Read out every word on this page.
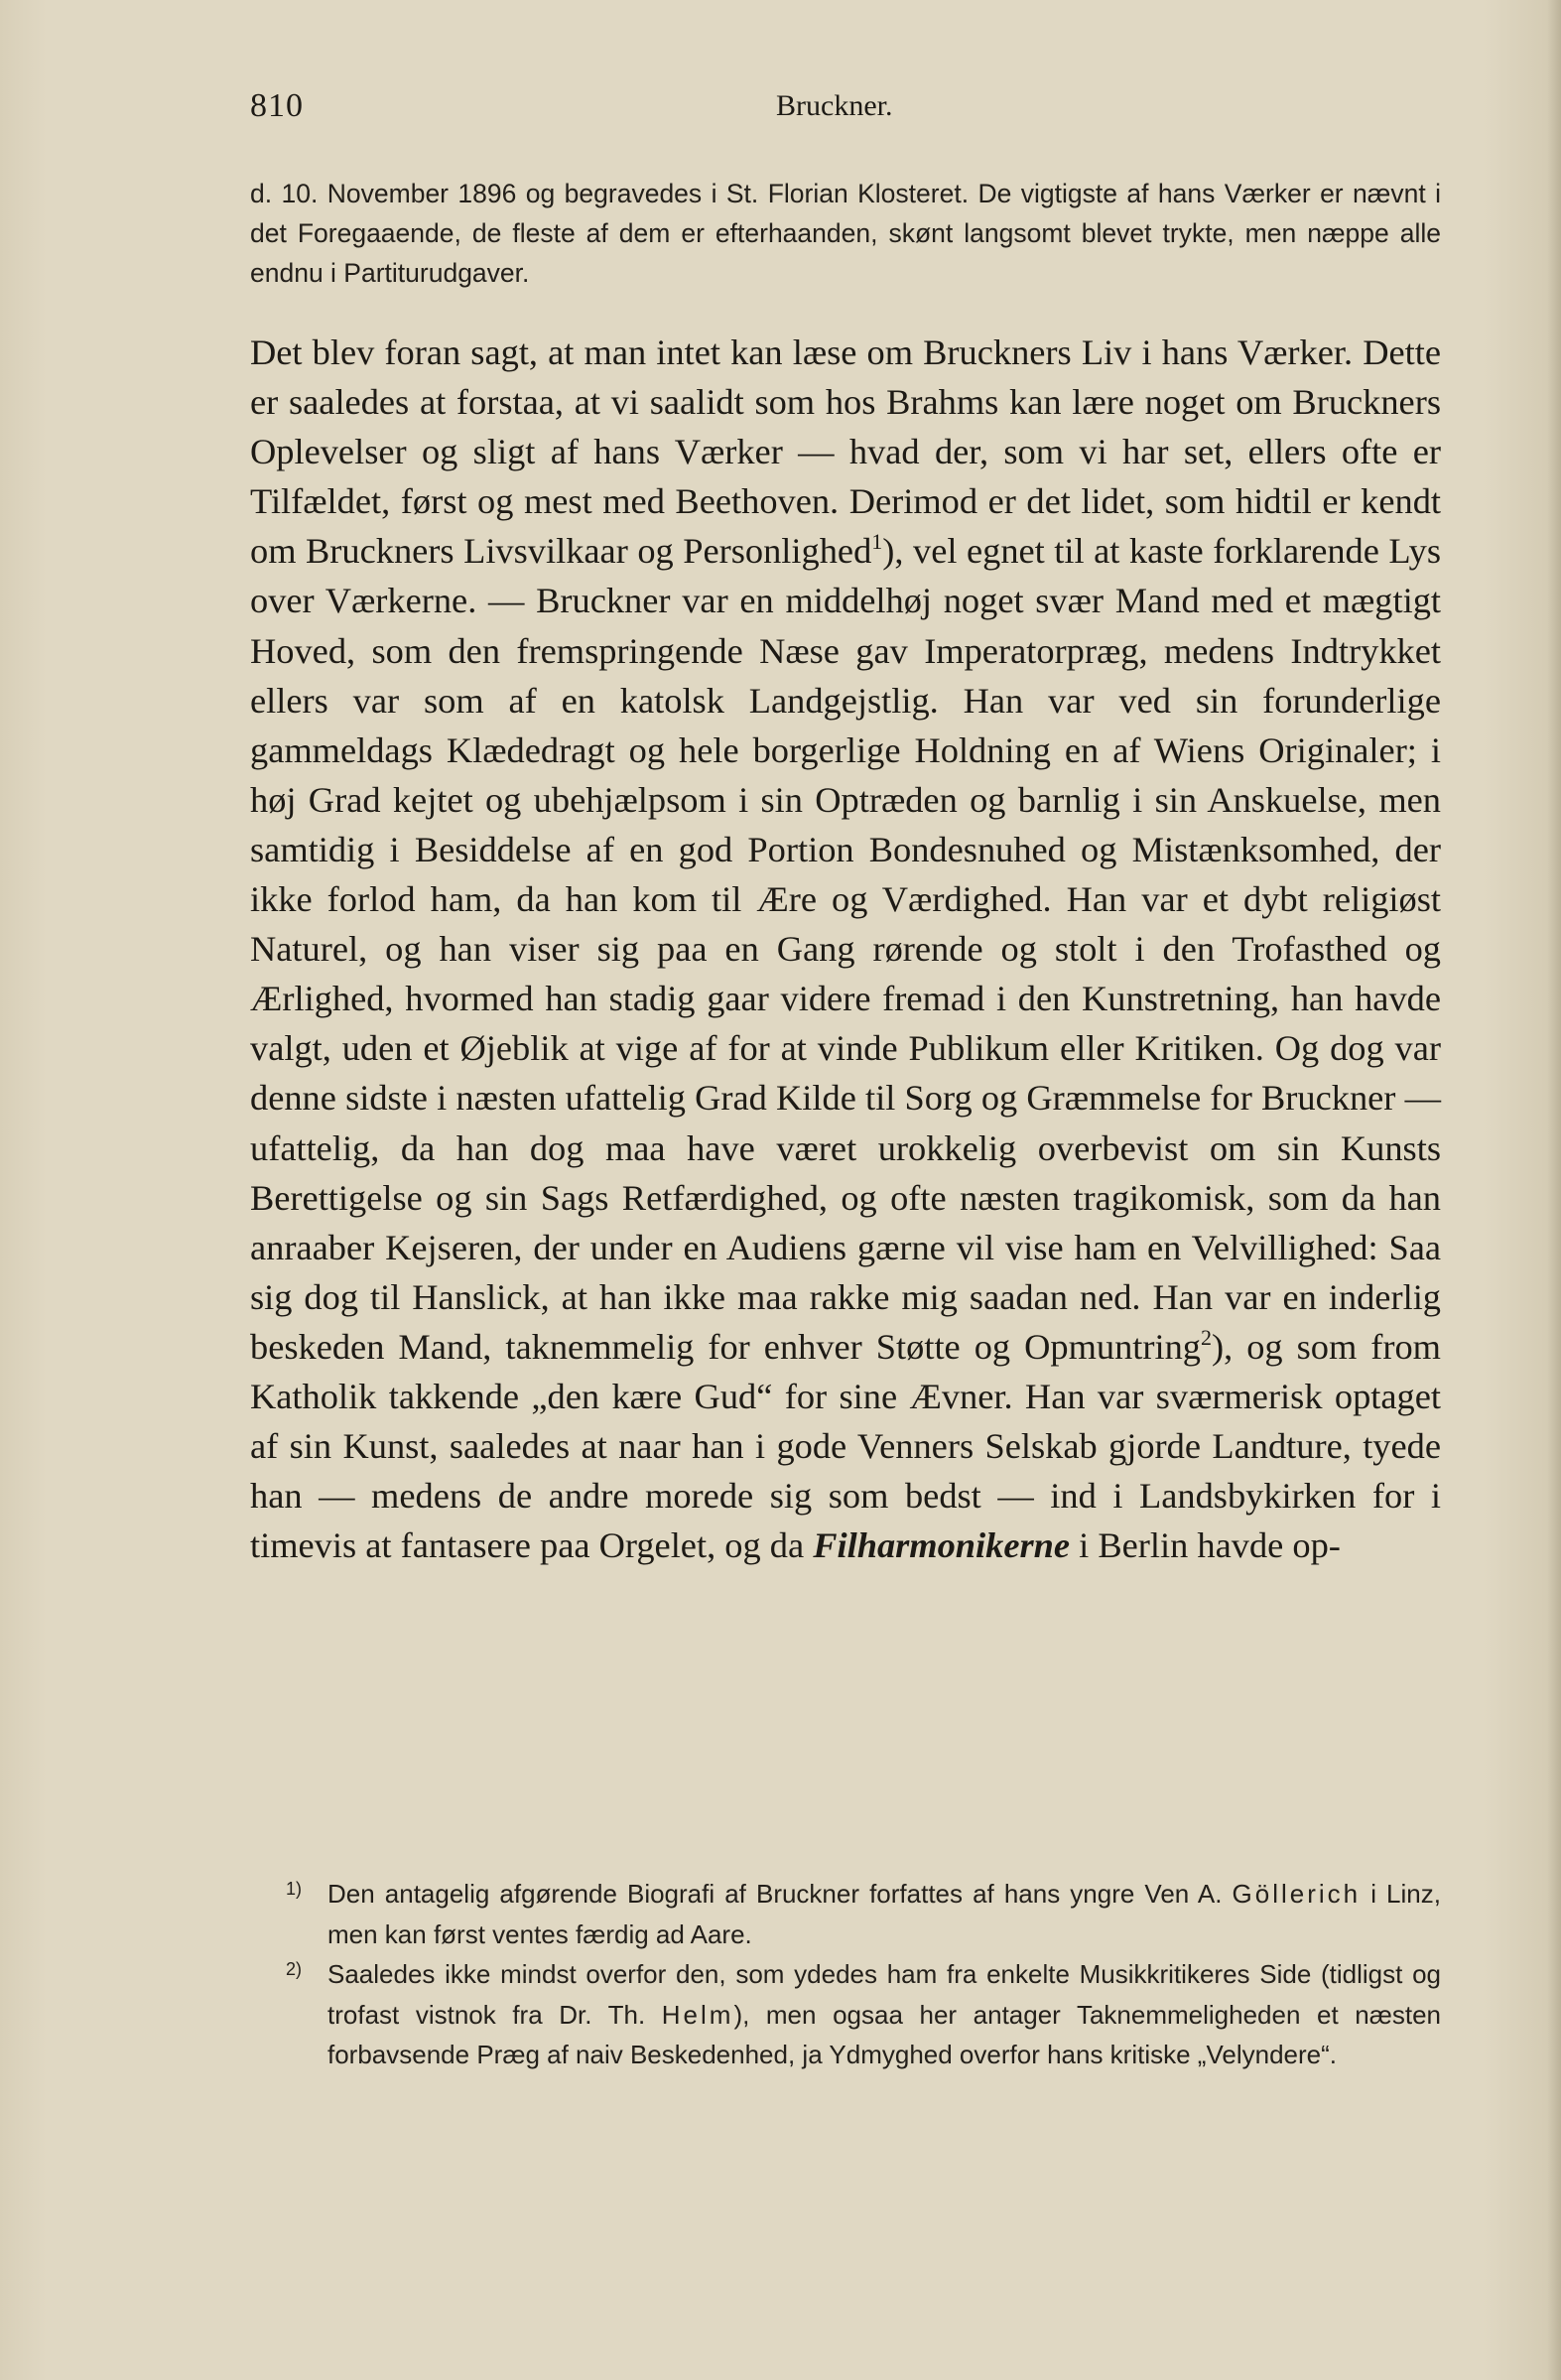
810	Bruckner.

d. 10. November 1896 og begravedes i St. Florian Klosteret. De vigtigste af hans Værker er nævnt i det Foregaaende, de fleste af dem er efterhaanden, skønt langsomt blevet trykte, men næppe alle endnu i Partiturudgaver.

Det blev foran sagt, at man intet kan læse om Bruckners Liv i hans Værker. Dette er saaledes at forstaa, at vi saalidt som hos Brahms kan lære noget om Bruckners Oplevelser og sligt af hans Værker — hvad der, som vi har set, ellers ofte er Tilfældet, først og mest med Beethoven. Derimod er det lidet, som hidtil er kendt om Bruckners Livsvilkaar og Personlighed$^1$), vel egnet til at kaste forklarende Lys over Værkerne. — Bruckner var en middelhøj noget svær Mand med et mægtigt Hoved, som den fremspringende Næse gav Imperatorpræg, medens Indtrykket ellers var som af en katolsk Landgejstlig. Han var ved sin forunderlige gammeldags Klædedragt og hele borgerlige Holdning en af Wiens Originaler; i høj Grad kejtet og ubehjælpsom i sin Optræden og barnlig i sin Anskuelse, men samtidig i Besiddelse af en god Portion Bondesnuhed og Mistænksomhed, der ikke forlod ham, da han kom til Ære og Værdighed. Han var et dybt religiøst Naturel, og han viser sig paa en Gang rørende og stolt i den Trofasthed og Ærlighed, hvormed han stadig gaar videre fremad i den Kunstretning, han havde valgt, uden et Øjeblik at vige af for at vinde Publikum eller Kritiken. Og dog var denne sidste i næsten ufattelig Grad Kilde til Sorg og Græmmelse for Bruckner — ufattelig, da han dog maa have været urokkelig overbevist om sin Kunsts Berettigelse og sin Sags Retfærdighed, og ofte næsten tragikomisk, som da han anraaber Kejseren, der under en Audiens gærne vil vise ham en Velvillighed: Saa sig dog til Hanslick, at han ikke maa rakke mig saadan ned. Han var en inderlig beskeden Mand, taknemmelig for enhver Støtte og Opmuntring$^2$), og som from Katholik takkende „den kære Gud“ for sine Ævner. Han var sværmerisk optaget af sin Kunst, saaledes at naar han i gode Venners Selskab gjorde Landture, tyede han — medens de andre morede sig som bedst — ind i Landsbykirken for i timevis at fantasere paa Orgelet, og da Filharmonikerne i Berlin havde op-

1) Den antagelig afgørende Biografi af Bruckner forfattes af hans yngre Ven A. Göllerich i Linz, men kan først ventes færdig ad Aare.
2) Saaledes ikke mindst overfor den, som ydedes ham fra enkelte Musikkritikeres Side (tidligst og trofast vistnok fra Dr. Th. Helm), men ogsaa her antager Taknemmeligheden et næsten forbavsende Præg af naiv Beskedenhed, ja Ydmyghed overfor hans kritiske „Velyndere“.
